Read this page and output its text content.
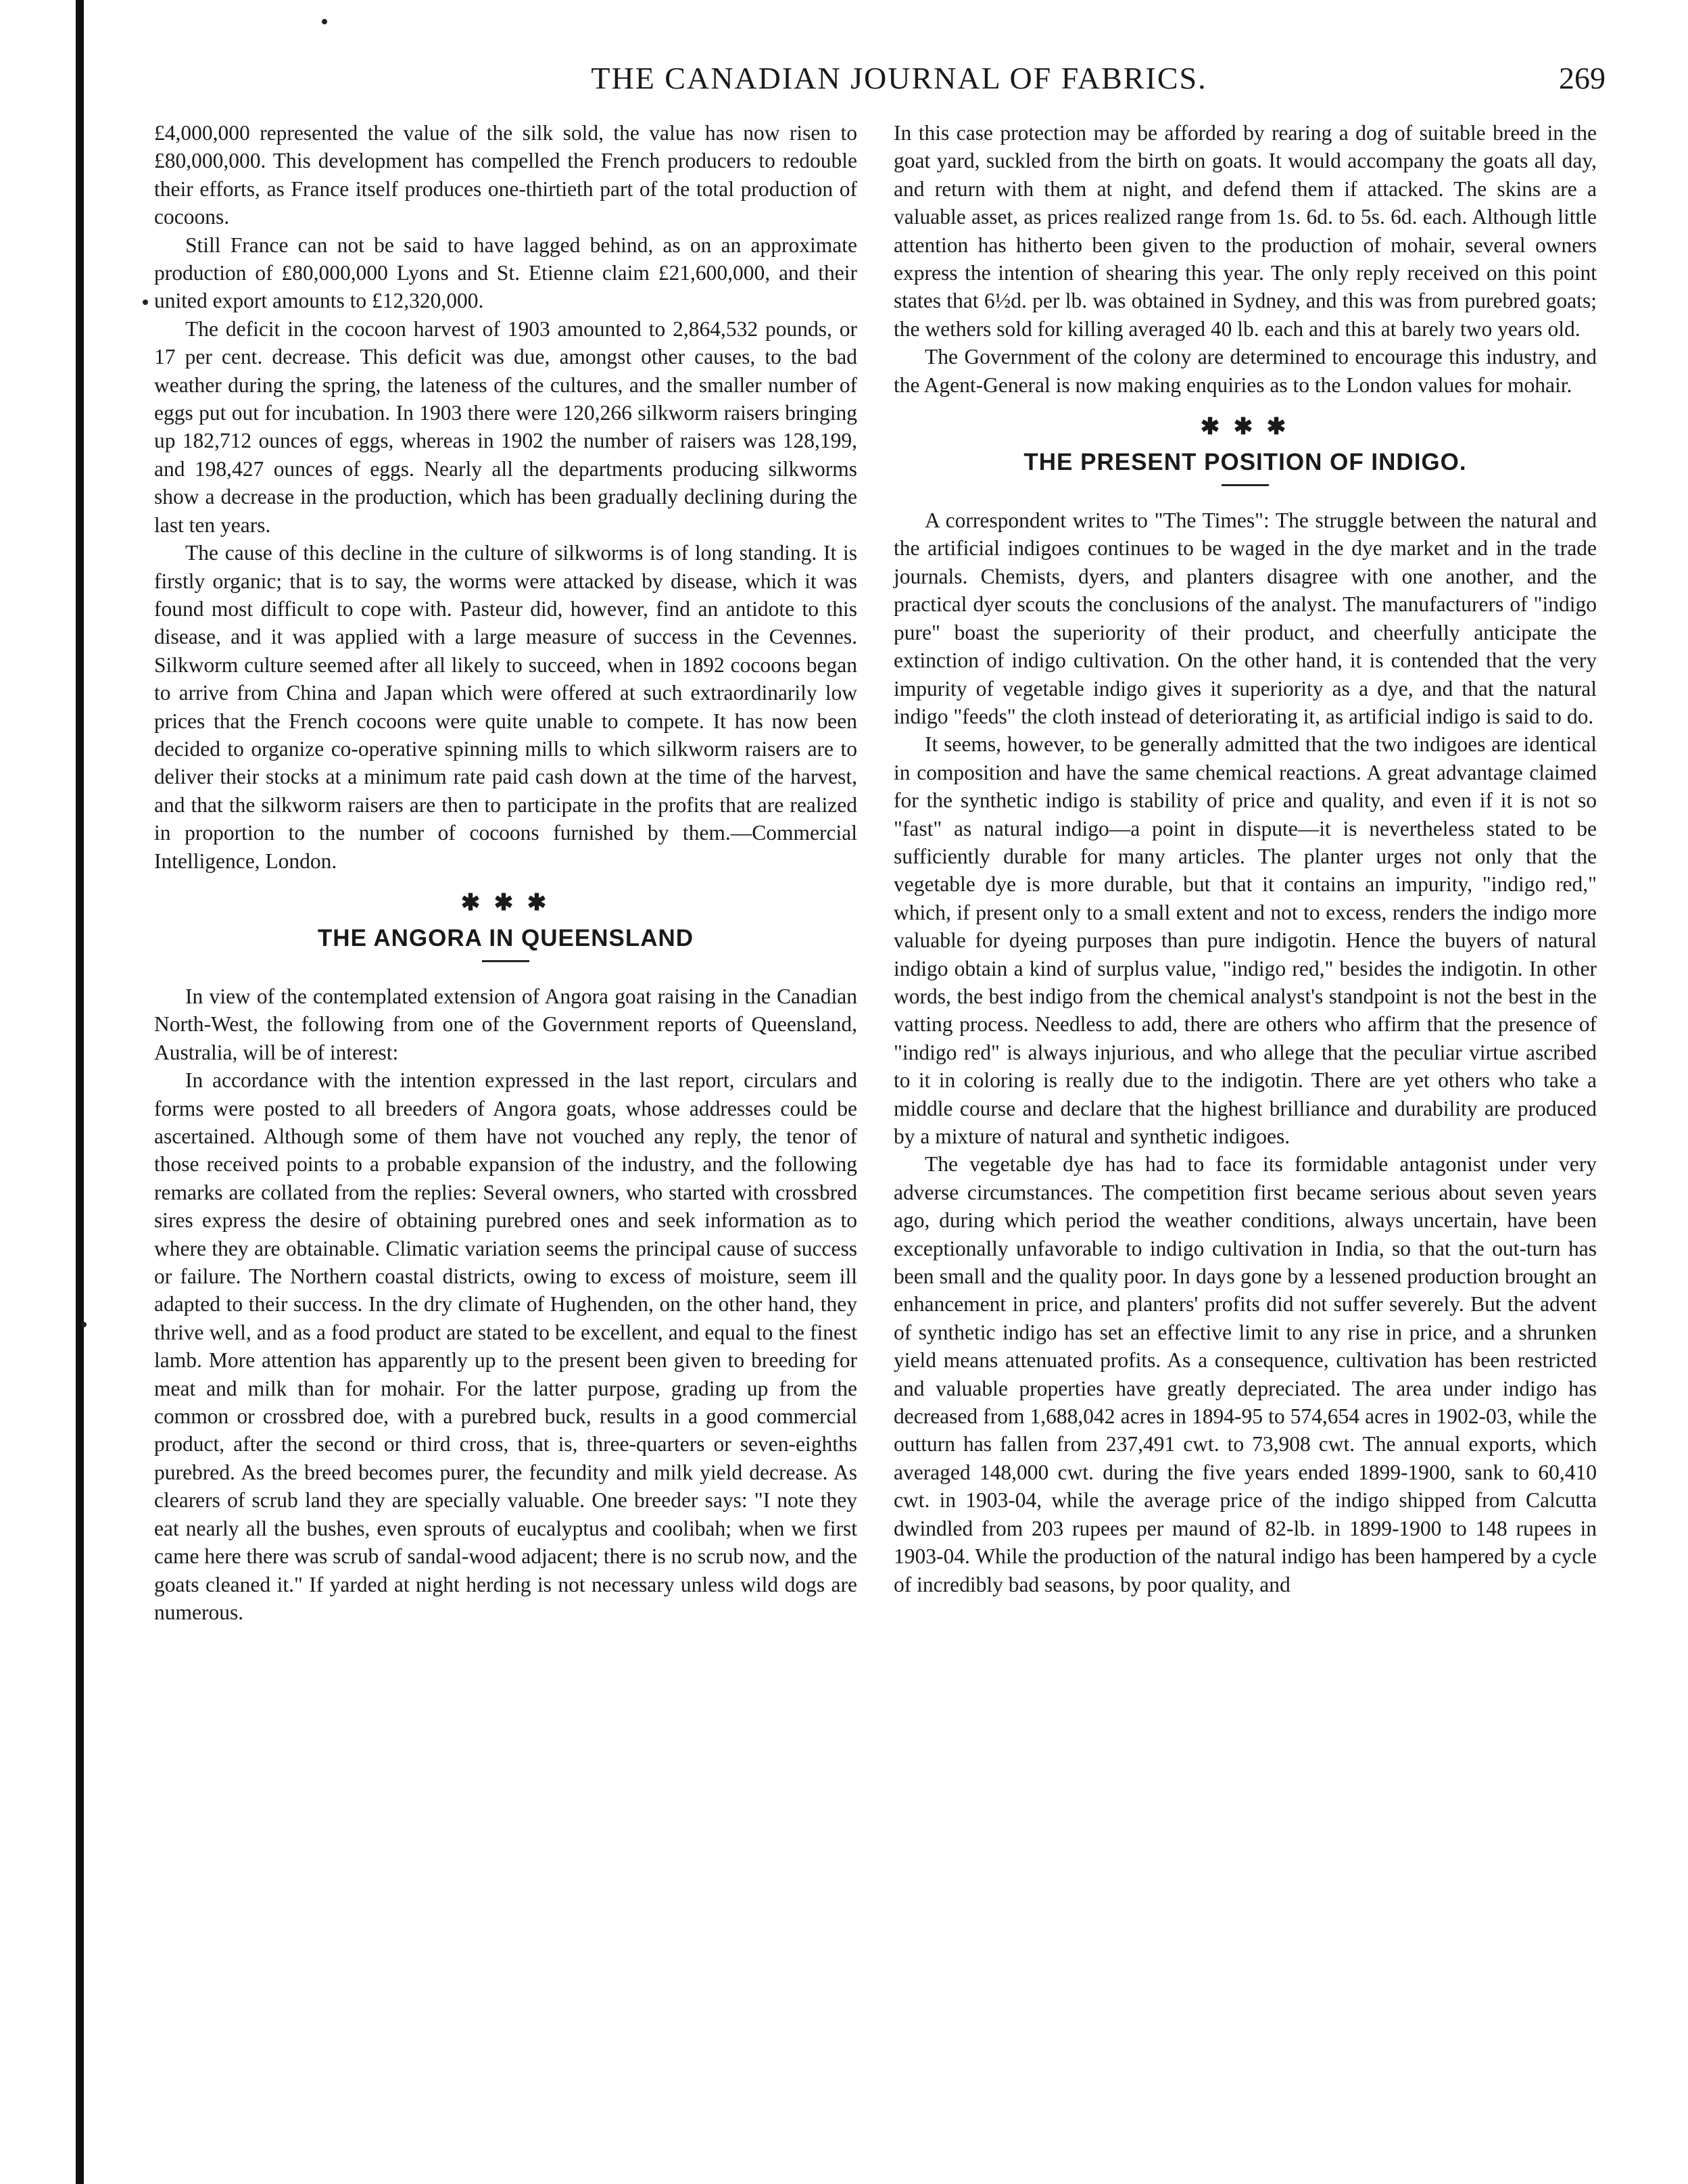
THE CANADIAN JOURNAL OF FABRICS.	269

£4,000,000 represented the value of the silk sold, the value has now risen to £80,000,000. This development has compelled the French producers to redouble their efforts, as France itself produces one-thirtieth part of the total production of cocoons.

Still France can not be said to have lagged behind, as on an approximate production of £80,000,000 Lyons and St. Etienne claim £21,600,000, and their united export amounts to £12,320,000.

The deficit in the cocoon harvest of 1903 amounted to 2,864,532 pounds, or 17 per cent. decrease. This deficit was due, amongst other causes, to the bad weather during the spring, the lateness of the cultures, and the smaller number of eggs put out for incubation. In 1903 there were 120,266 silkworm raisers bringing up 182,712 ounces of eggs, whereas in 1902 the number of raisers was 128,199, and 198,427 ounces of eggs. Nearly all the departments producing silkworms show a decrease in the production, which has been gradually declining during the last ten years.

The cause of this decline in the culture of silkworms is of long standing. It is firstly organic; that is to say, the worms were attacked by disease, which it was found most difficult to cope with. Pasteur did, however, find an antidote to this disease, and it was applied with a large measure of success in the Cevennes. Silkworm culture seemed after all likely to succeed, when in 1892 cocoons began to arrive from China and Japan which were offered at such extraordinarily low prices that the French cocoons were quite unable to compete. It has now been decided to organize co-operative spinning mills to which silkworm raisers are to deliver their stocks at a minimum rate paid cash down at the time of the harvest, and that the silkworm raisers are then to participate in the profits that are realized in proportion to the number of cocoons furnished by them.—Commercial Intelligence, London.

✱ ✱ ✱
THE ANGORA IN QUEENSLAND

In view of the contemplated extension of Angora goat raising in the Canadian North-West, the following from one of the Government reports of Queensland, Australia, will be of interest:

In accordance with the intention expressed in the last report, circulars and forms were posted to all breeders of Angora goats, whose addresses could be ascertained. Although some of them have not vouched any reply, the tenor of those received points to a probable expansion of the industry, and the following remarks are collated from the replies: Several owners, who started with crossbred sires express the desire of obtaining purebred ones and seek information as to where they are obtainable. Climatic variation seems the principal cause of success or failure. The Northern coastal districts, owing to excess of moisture, seem ill adapted to their success. In the dry climate of Hughenden, on the other hand, they thrive well, and as a food product are stated to be excellent, and equal to the finest lamb. More attention has apparently up to the present been given to breeding for meat and milk than for mohair. For the latter purpose, grading up from the common or crossbred doe, with a purebred buck, results in a good commercial product, after the second or third cross, that is, three-quarters or seven-eighths purebred. As the breed becomes purer, the fecundity and milk yield decrease. As clearers of scrub land they are specially valuable. One breeder says: "I note they eat nearly all the bushes, even sprouts of eucalyptus and coolibah; when we first came here there was scrub of sandal-wood adjacent; there is no scrub now, and the goats cleaned it." If yarded at night herding is not necessary unless wild dogs are numerous.

In this case protection may be afforded by rearing a dog of suitable breed in the goat yard, suckled from the birth on goats. It would accompany the goats all day, and return with them at night, and defend them if attacked. The skins are a valuable asset, as prices realized range from 1s. 6d. to 5s. 6d. each. Although little attention has hitherto been given to the production of mohair, several owners express the intention of shearing this year. The only reply received on this point states that 6½d. per lb. was obtained in Sydney, and this was from purebred goats; the wethers sold for killing averaged 40 lb. each and this at barely two years old.

The Government of the colony are determined to encourage this industry, and the Agent-General is now making enquiries as to the London values for mohair.

✱ ✱ ✱
THE PRESENT POSITION OF INDIGO.

A correspondent writes to "The Times": The struggle between the natural and the artificial indigoes continues to be waged in the dye market and in the trade journals. Chemists, dyers, and planters disagree with one another, and the practical dyer scouts the conclusions of the analyst. The manufacturers of "indigo pure" boast the superiority of their product, and cheerfully anticipate the extinction of indigo cultivation. On the other hand, it is contended that the very impurity of vegetable indigo gives it superiority as a dye, and that the natural indigo "feeds" the cloth instead of deteriorating it, as artificial indigo is said to do.

It seems, however, to be generally admitted that the two indigoes are identical in composition and have the same chemical reactions. A great advantage claimed for the synthetic indigo is stability of price and quality, and even if it is not so "fast" as natural indigo—a point in dispute—it is nevertheless stated to be sufficiently durable for many articles. The planter urges not only that the vegetable dye is more durable, but that it contains an impurity, "indigo red," which, if present only to a small extent and not to excess, renders the indigo more valuable for dyeing purposes than pure indigotin. Hence the buyers of natural indigo obtain a kind of surplus value, "indigo red," besides the indigotin. In other words, the best indigo from the chemical analyst's standpoint is not the best in the vatting process. Needless to add, there are others who affirm that the presence of "indigo red" is always injurious, and who allege that the peculiar virtue ascribed to it in coloring is really due to the indigotin. There are yet others who take a middle course and declare that the highest brilliance and durability are produced by a mixture of natural and synthetic indigoes.

The vegetable dye has had to face its formidable antagonist under very adverse circumstances. The competition first became serious about seven years ago, during which period the weather conditions, always uncertain, have been exceptionally unfavorable to indigo cultivation in India, so that the out-turn has been small and the quality poor. In days gone by a lessened production brought an enhancement in price, and planters' profits did not suffer severely. But the advent of synthetic indigo has set an effective limit to any rise in price, and a shrunken yield means attenuated profits. As a consequence, cultivation has been restricted and valuable properties have greatly depreciated. The area under indigo has decreased from 1,688,042 acres in 1894-95 to 574,654 acres in 1902-03, while the outturn has fallen from 237,491 cwt. to 73,908 cwt. The annual exports, which averaged 148,000 cwt. during the five years ended 1899-1900, sank to 60,410 cwt. in 1903-04, while the average price of the indigo shipped from Calcutta dwindled from 203 rupees per maund of 82-lb. in 1899-1900 to 148 rupees in 1903-04. While the production of the natural indigo has been hampered by a cycle of incredibly bad seasons, by poor quality, and
